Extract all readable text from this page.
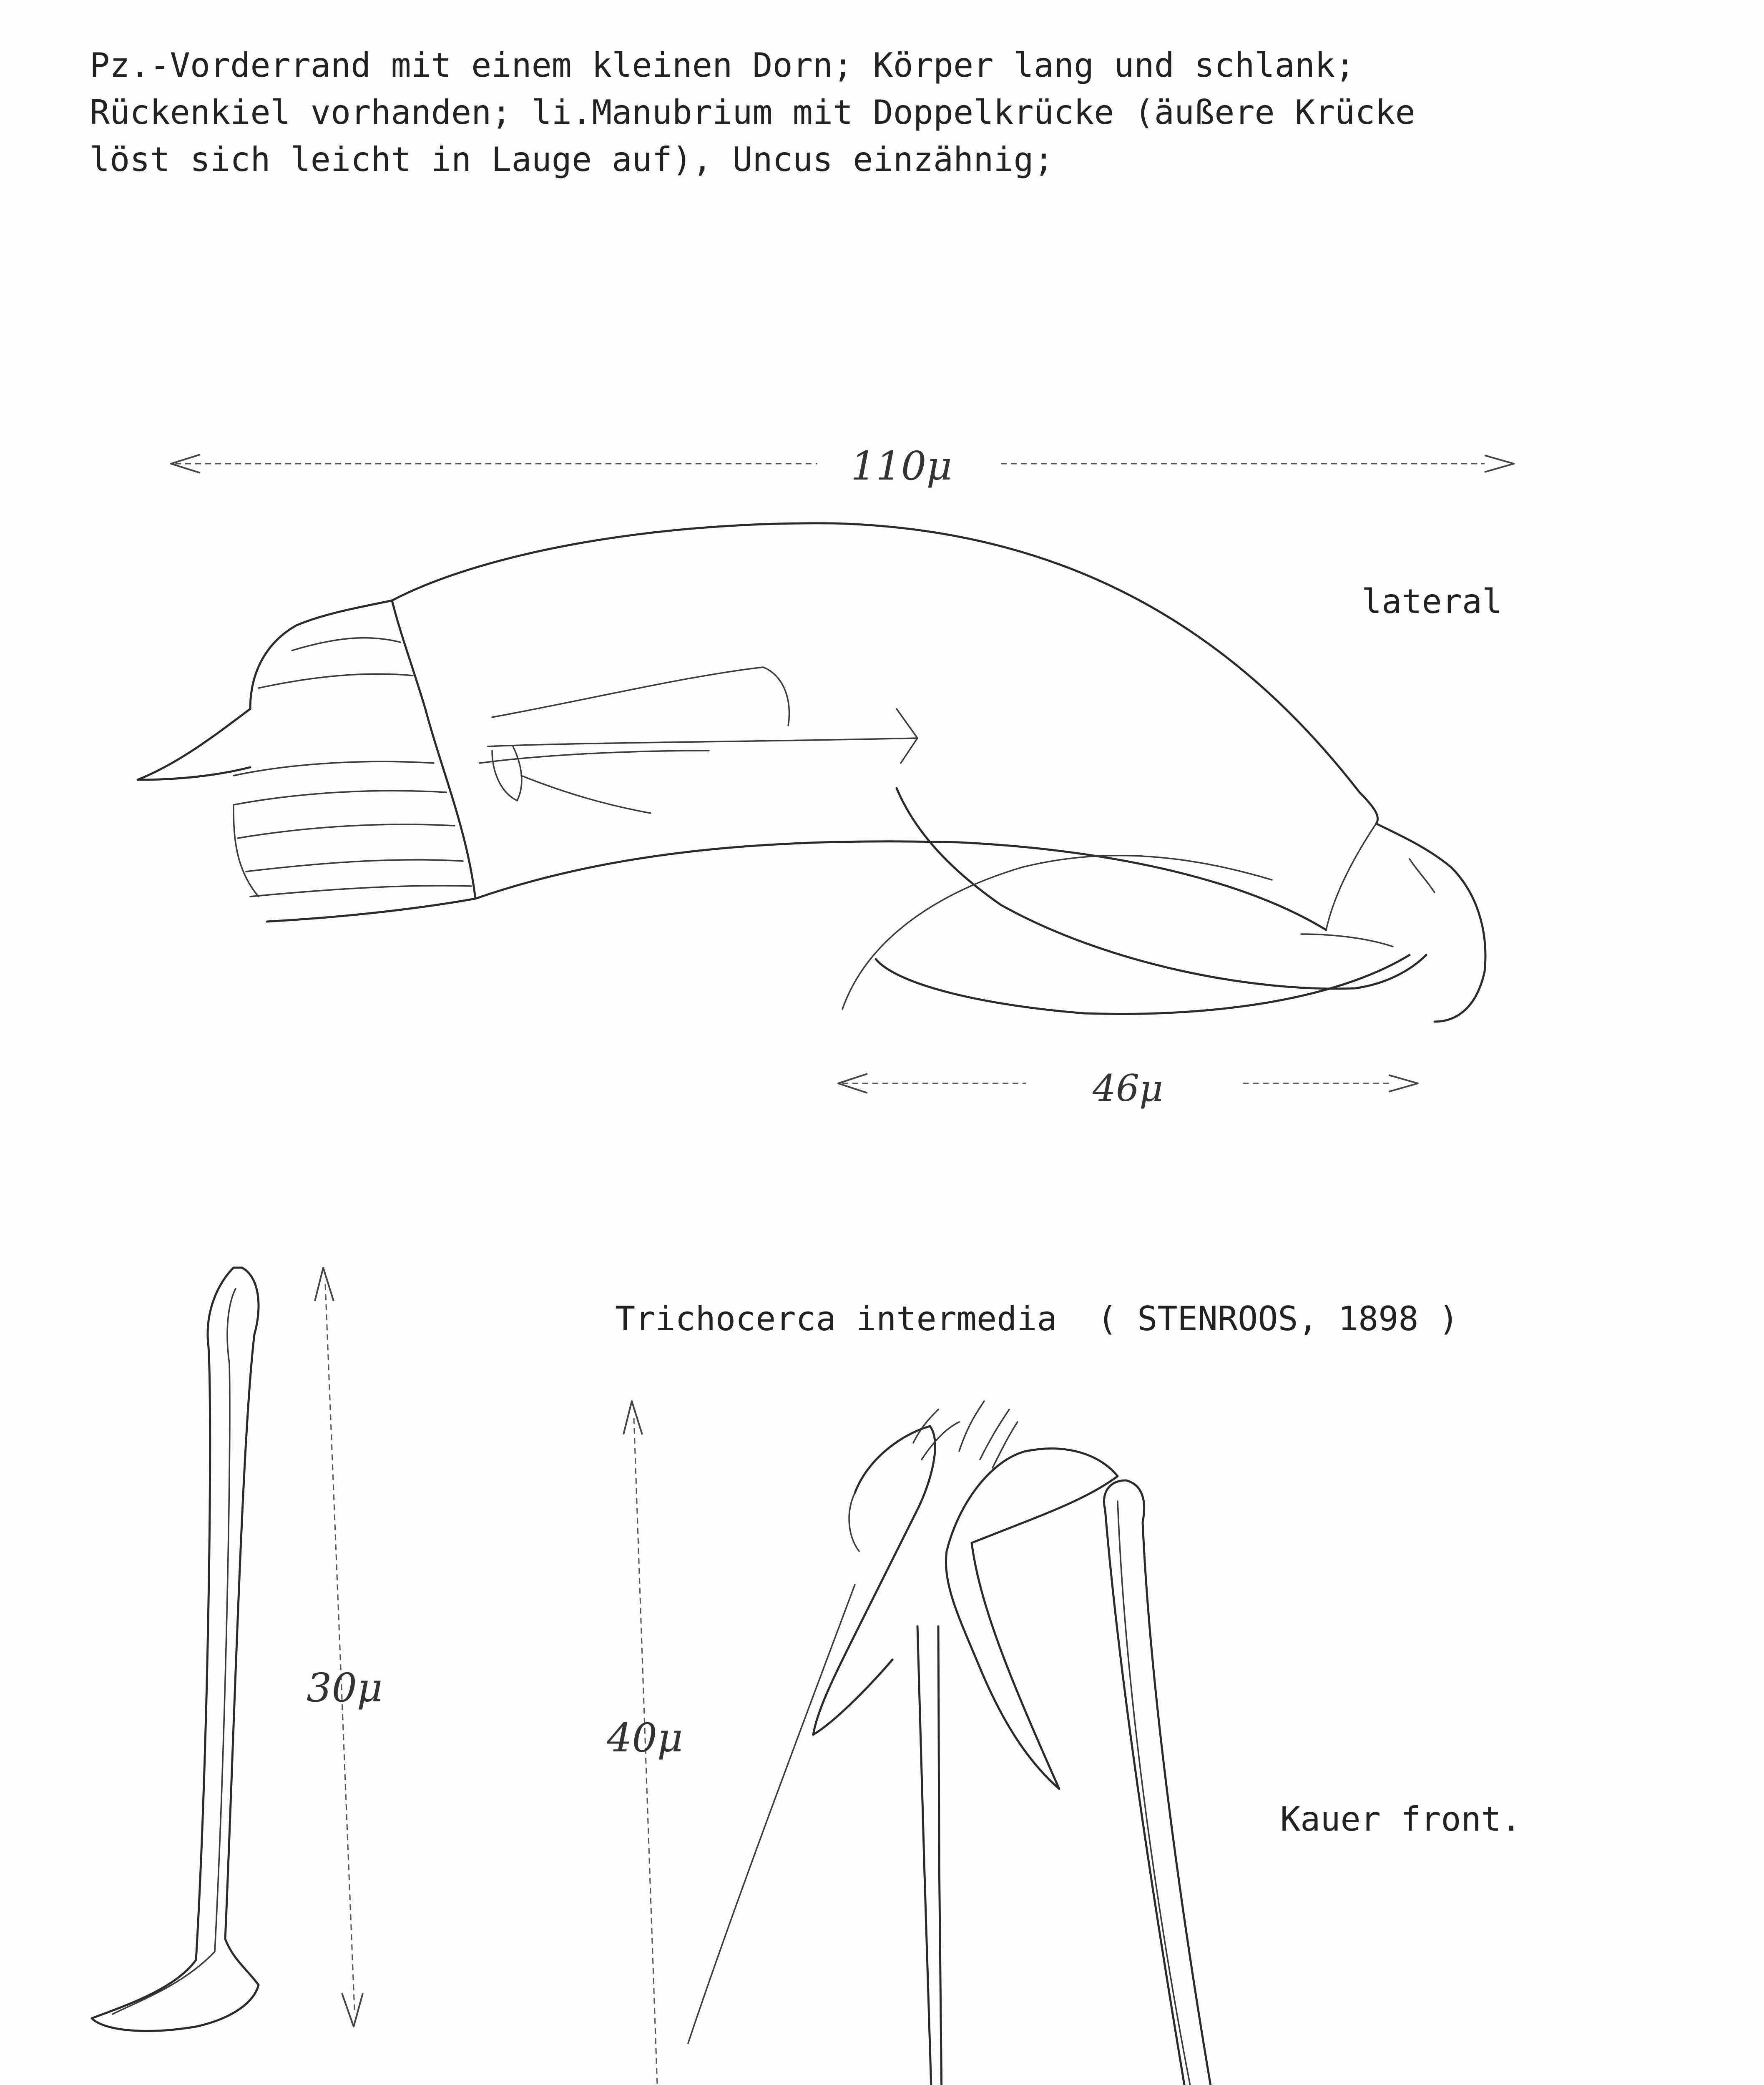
Pz.-Vorderrand mit einem kleinen Dorn; Körper lang und schlank;
Rückenkiel vorhanden; li.Manubrium mit Doppelkrücke (äußere Krücke
löst sich leicht in Lauge auf), Uncus einzähnig;
110μ
lateral
46μ
Trichocerca intermedia  ( STENROOS, 1898 )
30μ
40μ
Kauer front.
